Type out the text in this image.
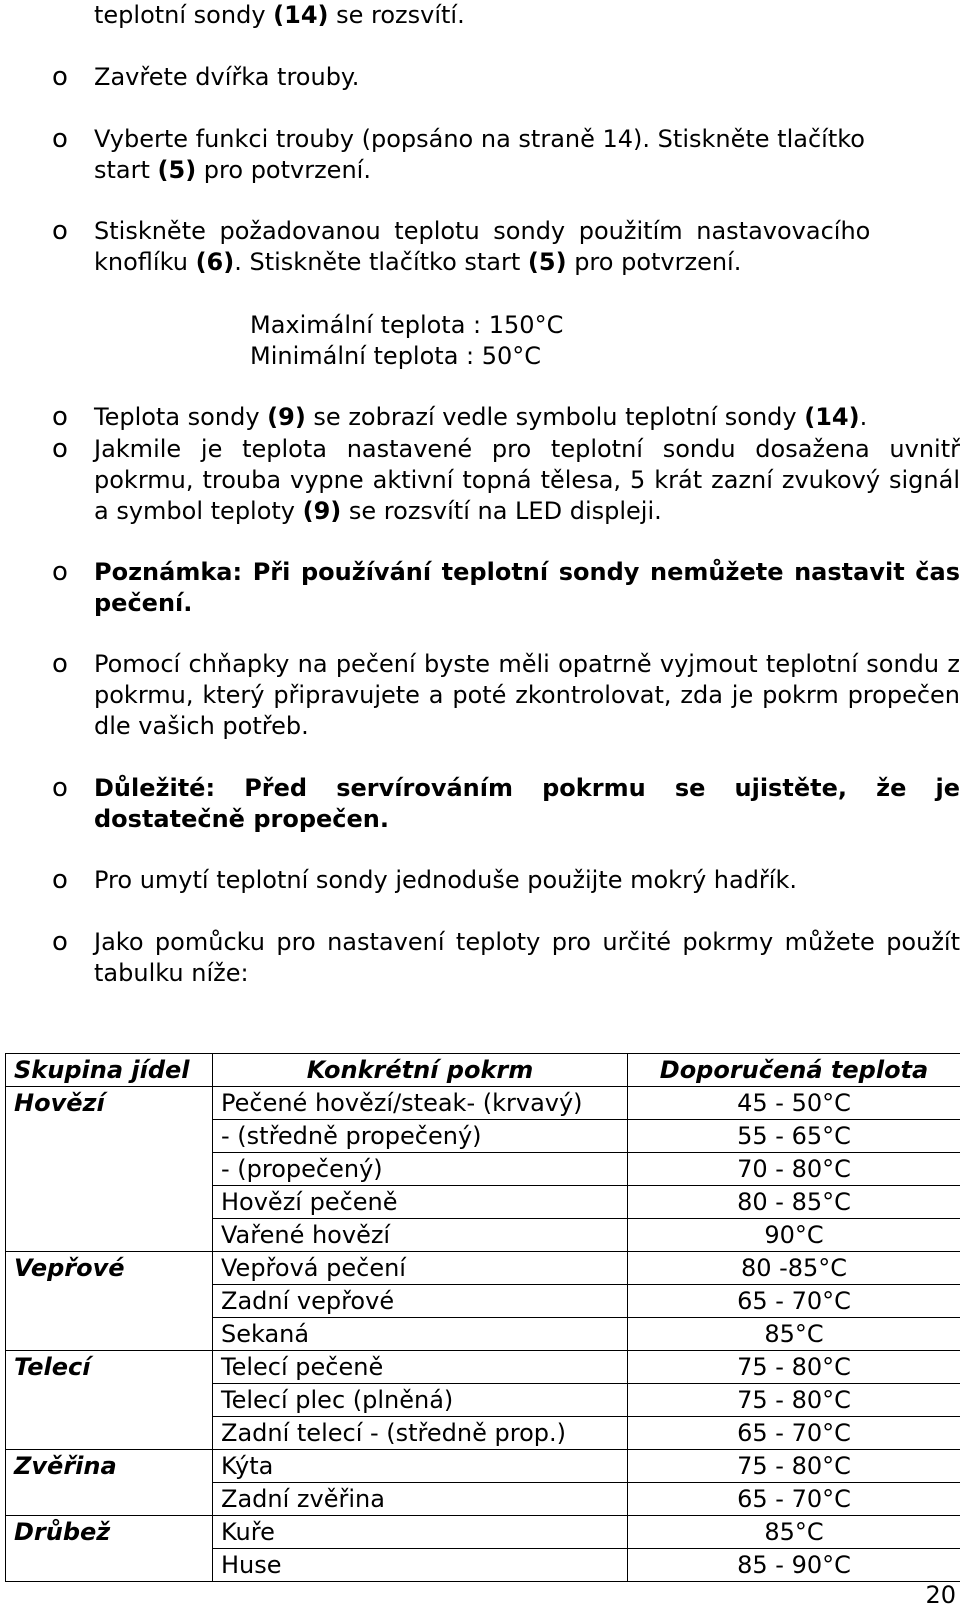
teplotní sondy (14) se rozsvítí.
o Zavřete dvířka trouby.
o Vyberte funkci trouby (popsáno na straně 14). Stiskněte tlačítko
start (5) pro potvrzení.
o Stiskněte požadovanou teplotu sondy použitím nastavovacího
knoflíku (6). Stiskněte tlačítko start (5) pro potvrzení.
Maximální teplota : 150°C
Minimální teplota : 50°C
o Teplota sondy (9) se zobrazí vedle symbolu teplotní sondy (14).
o Jakmile je teplota nastavené pro teplotní sondu dosažena uvnitř pokrmu, trouba vypne aktivní topná tělesa, 5 krát zazní zvukový signál a symbol teploty (9) se rozsvítí na LED displeji.
o Poznámka: Při používání teplotní sondy nemůžete nastavit čas pečení.
o Pomocí chňapky na pečení byste měli opatrně vyjmout teplotní sondu z pokrmu, který připravujete a poté zkontrolovat, zda je pokrm propečen dle vašich potřeb.
o Důležité: Před servírováním pokrmu se ujistěte, že je dostatečně propečen.
o Pro umytí teplotní sondy jednoduše použijte mokrý hadřík.
o Jako pomůcku pro nastavení teploty pro určité pokrmy můžete použít tabulku níže:
Skupina jídel	Konkrétní pokrm	Doporučená teplota
Hovězí	Pečené hovězí/steak- (krvavý)	45 - 50°C
	- (středně propečený)	55 - 65°C
	- (propečený)	70 - 80°C
	Hovězí pečeně	80 - 85°C
	Vařené hovězí	90°C
Vepřové	Vepřová pečení	80 -85°C
	Zadní vepřové	65 - 70°C
	Sekaná	85°C
Telecí	Telecí pečeně	75 - 80°C
	Telecí plec (plněná)	75 - 80°C
	Zadní telecí - (středně prop.)	65 - 70°C
Zvěřina	Kýta	75 - 80°C
	Zadní zvěřina	65 - 70°C
Drůbež	Kuře	85°C
	Huse	85 - 90°C
20
